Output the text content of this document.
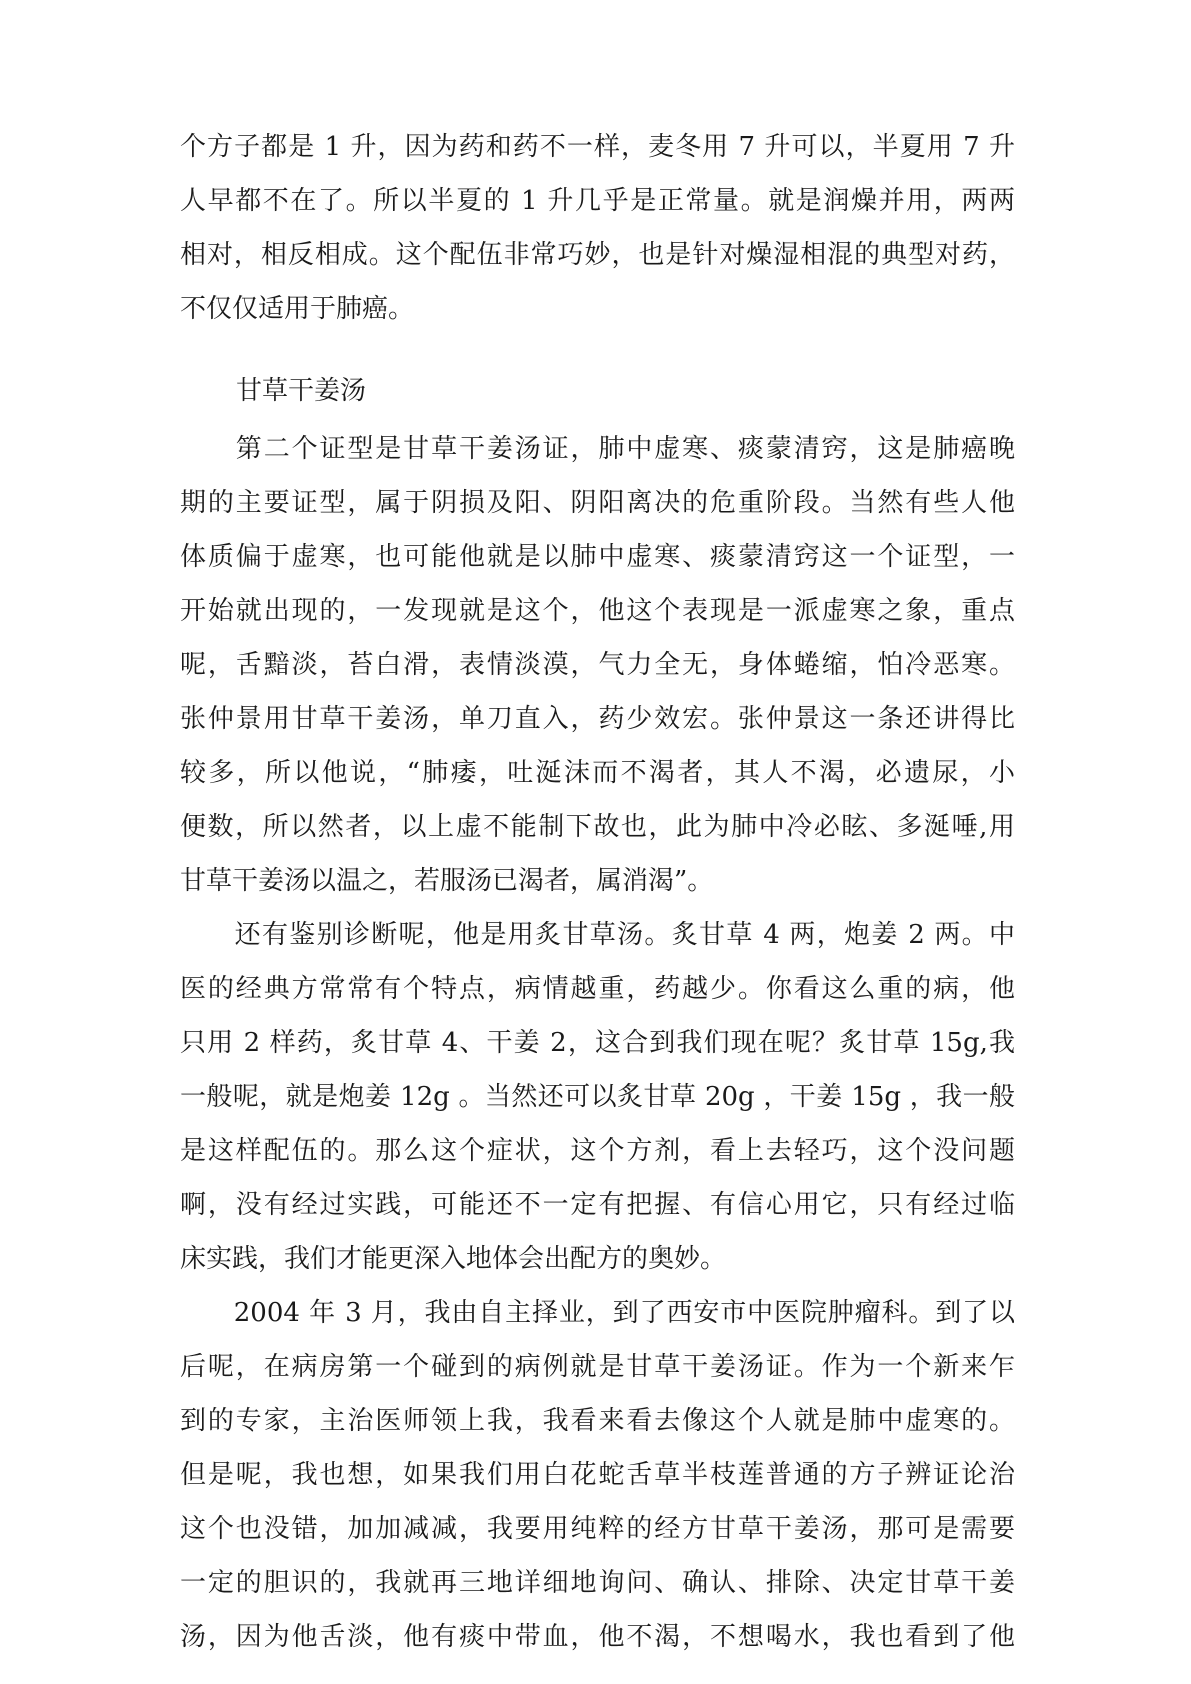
个方子都是 1 升，因为药和药不一样，麦冬用 7 升可以，半夏用 7 升
人早都不在了。所以半夏的 1 升几乎是正常量。就是润燥并用，两两
相对，相反相成。这个配伍非常巧妙，也是针对燥湿相混的典型对药，
不仅仅适用于肺癌。
甘草干姜汤
　　第二个证型是甘草干姜汤证，肺中虚寒、痰蒙清窍，这是肺癌晚
期的主要证型，属于阴损及阳、阴阳离决的危重阶段。当然有些人他
体质偏于虚寒，也可能他就是以肺中虚寒、痰蒙清窍这一个证型，一
开始就出现的，一发现就是这个，他这个表现是一派虚寒之象，重点
呢，舌黯淡，苔白滑，表情淡漠，气力全无，身体蜷缩，怕冷恶寒。
张仲景用甘草干姜汤，单刀直入，药少效宏。张仲景这一条还讲得比
较多，所以他说，“肺痿，吐涎沫而不渴者，其人不渴，必遗尿，小
便数，所以然者，以上虚不能制下故也，此为肺中冷必眩、多涎唾,用
甘草干姜汤以温之，若服汤已渴者，属消渴”。
　　还有鉴别诊断呢，他是用炙甘草汤。炙甘草 4 两，炮姜 2 两。中
医的经典方常常有个特点，病情越重，药越少。你看这么重的病，他
只用 2 样药，炙甘草 4、干姜 2，这合到我们现在呢？炙甘草 15g,我
一般呢，就是炮姜 12g 。当然还可以炙甘草 20g ，干姜 15g ，我一般
是这样配伍的。那么这个症状，这个方剂，看上去轻巧，这个没问题
啊，没有经过实践，可能还不一定有把握、有信心用它，只有经过临
床实践，我们才能更深入地体会出配方的奥妙。
　　2004 年 3 月，我由自主择业，到了西安市中医院肿瘤科。到了以
后呢，在病房第一个碰到的病例就是甘草干姜汤证。作为一个新来乍
到的专家，主治医师领上我，我看来看去像这个人就是肺中虚寒的。
但是呢，我也想，如果我们用白花蛇舌草半枝莲普通的方子辨证论治
这个也没错，加加减减，我要用纯粹的经方甘草干姜汤，那可是需要
一定的胆识的，我就再三地详细地询问、确认、排除、决定甘草干姜
汤，因为他舌淡，他有痰中带血，他不渴，不想喝水，我也看到了他
